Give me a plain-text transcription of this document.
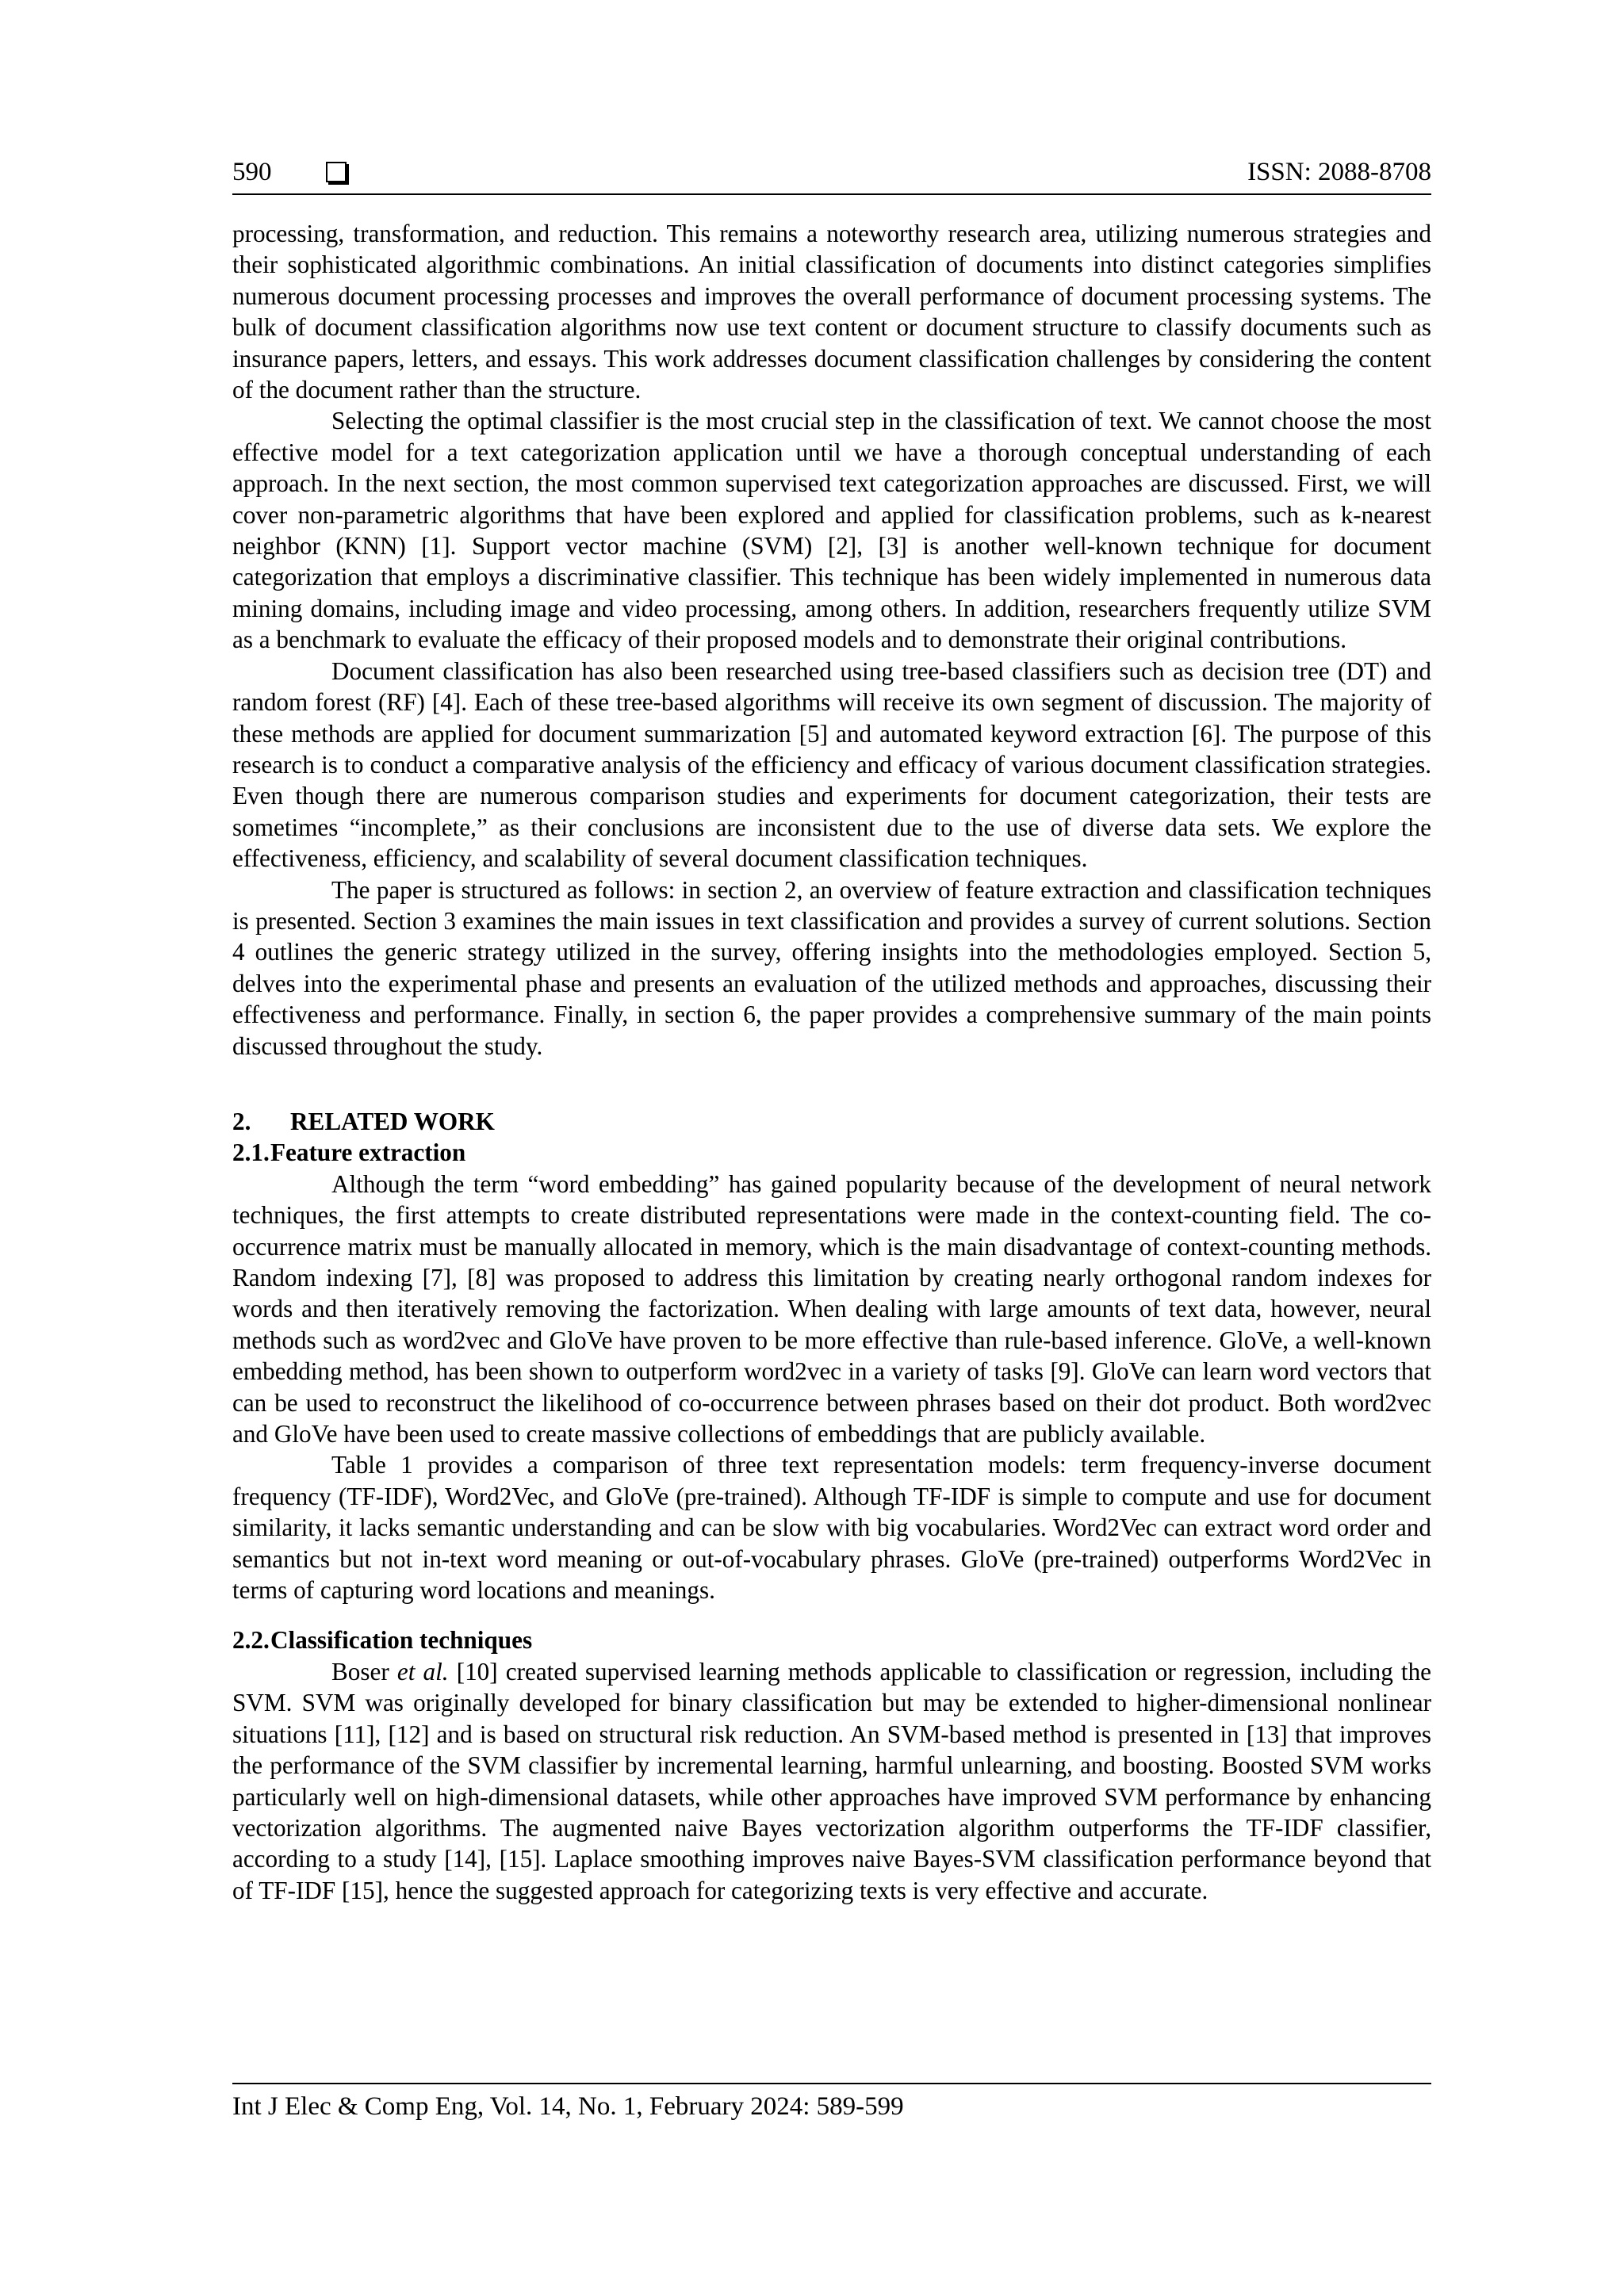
590	ISSN: 2088-8708

processing, transformation, and reduction. This remains a noteworthy research area, utilizing numerous strategies and their sophisticated algorithmic combinations. An initial classification of documents into distinct categories simplifies numerous document processing processes and improves the overall performance of document processing systems. The bulk of document classification algorithms now use text content or document structure to classify documents such as insurance papers, letters, and essays. This work addresses document classification challenges by considering the content of the document rather than the structure.

Selecting the optimal classifier is the most crucial step in the classification of text. We cannot choose the most effective model for a text categorization application until we have a thorough conceptual understanding of each approach. In the next section, the most common supervised text categorization approaches are discussed. First, we will cover non-parametric algorithms that have been explored and applied for classification problems, such as k-nearest neighbor (KNN) [1]. Support vector machine (SVM) [2], [3] is another well-known technique for document categorization that employs a discriminative classifier. This technique has been widely implemented in numerous data mining domains, including image and video processing, among others. In addition, researchers frequently utilize SVM as a benchmark to evaluate the efficacy of their proposed models and to demonstrate their original contributions.

Document classification has also been researched using tree-based classifiers such as decision tree (DT) and random forest (RF) [4]. Each of these tree-based algorithms will receive its own segment of discussion. The majority of these methods are applied for document summarization [5] and automated keyword extraction [6]. The purpose of this research is to conduct a comparative analysis of the efficiency and efficacy of various document classification strategies. Even though there are numerous comparison studies and experiments for document categorization, their tests are sometimes “incomplete,” as their conclusions are inconsistent due to the use of diverse data sets. We explore the effectiveness, efficiency, and scalability of several document classification techniques.

The paper is structured as follows: in section 2, an overview of feature extraction and classification techniques is presented. Section 3 examines the main issues in text classification and provides a survey of current solutions. Section 4 outlines the generic strategy utilized in the survey, offering insights into the methodologies employed. Section 5, delves into the experimental phase and presents an evaluation of the utilized methods and approaches, discussing their effectiveness and performance. Finally, in section 6, the paper provides a comprehensive summary of the main points discussed throughout the study.

2. RELATED WORK
2.1.Feature extraction

Although the term “word embedding” has gained popularity because of the development of neural network techniques, the first attempts to create distributed representations were made in the context-counting field. The co-occurrence matrix must be manually allocated in memory, which is the main disadvantage of context-counting methods. Random indexing [7], [8] was proposed to address this limitation by creating nearly orthogonal random indexes for words and then iteratively removing the factorization. When dealing with large amounts of text data, however, neural methods such as word2vec and GloVe have proven to be more effective than rule-based inference. GloVe, a well-known embedding method, has been shown to outperform word2vec in a variety of tasks [9]. GloVe can learn word vectors that can be used to reconstruct the likelihood of co-occurrence between phrases based on their dot product. Both word2vec and GloVe have been used to create massive collections of embeddings that are publicly available.

Table 1 provides a comparison of three text representation models: term frequency-inverse document frequency (TF-IDF), Word2Vec, and GloVe (pre-trained). Although TF-IDF is simple to compute and use for document similarity, it lacks semantic understanding and can be slow with big vocabularies. Word2Vec can extract word order and semantics but not in-text word meaning or out-of-vocabulary phrases. GloVe (pre-trained) outperforms Word2Vec in terms of capturing word locations and meanings.

2.2.Classification techniques

Boser et al. [10] created supervised learning methods applicable to classification or regression, including the SVM. SVM was originally developed for binary classification but may be extended to higher-dimensional nonlinear situations [11], [12] and is based on structural risk reduction. An SVM-based method is presented in [13] that improves the performance of the SVM classifier by incremental learning, harmful unlearning, and boosting. Boosted SVM works particularly well on high-dimensional datasets, while other approaches have improved SVM performance by enhancing vectorization algorithms. The augmented naive Bayes vectorization algorithm outperforms the TF-IDF classifier, according to a study [14], [15]. Laplace smoothing improves naive Bayes-SVM classification performance beyond that of TF-IDF [15], hence the suggested approach for categorizing texts is very effective and accurate.

Int J Elec & Comp Eng, Vol. 14, No. 1, February 2024: 589-599
